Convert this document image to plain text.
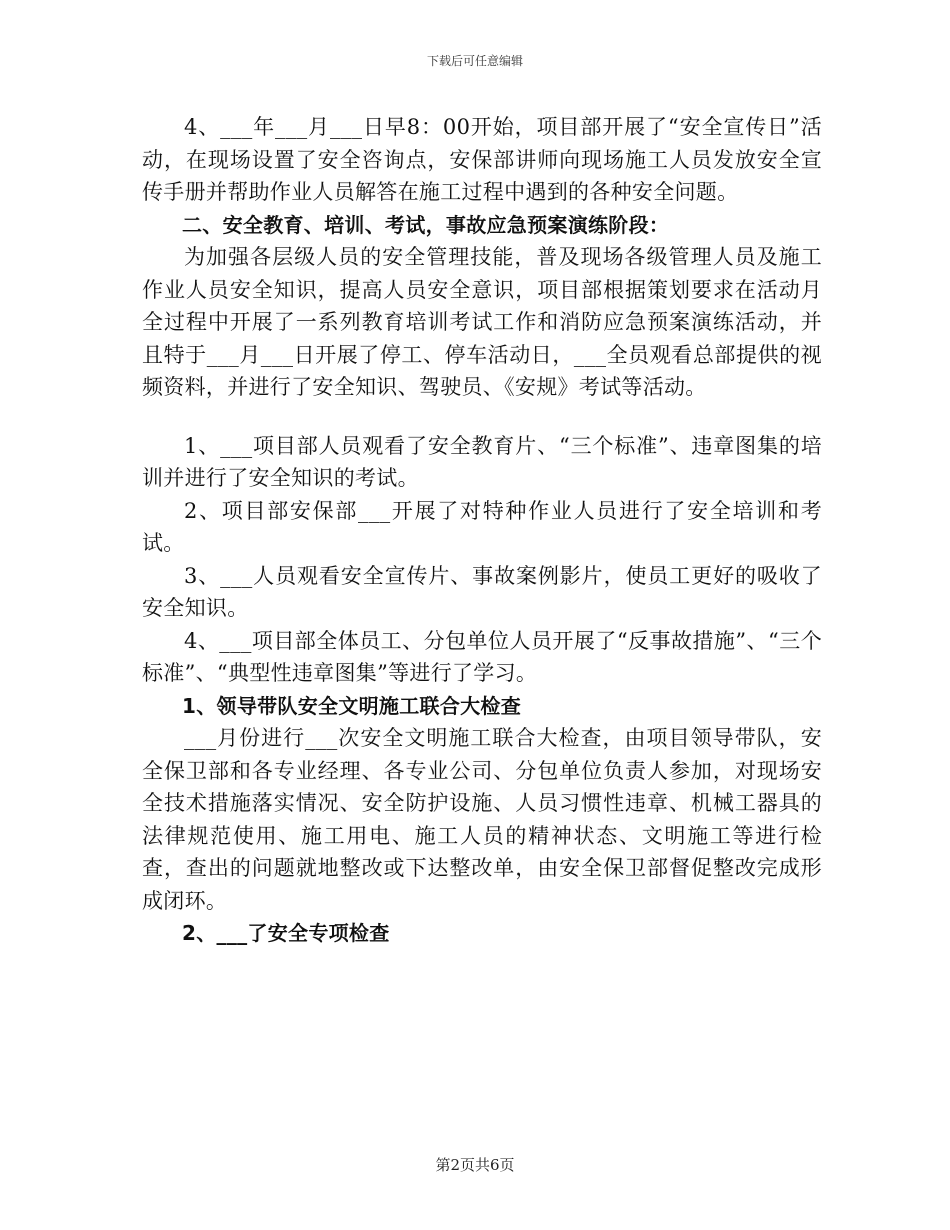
下载后可任意编辑

4、___年___月___日早8：00开始，项目部开展了“安全宣传日”活动，在现场设置了安全咨询点，安保部讲师向现场施工人员发放安全宣传手册并帮助作业人员解答在施工过程中遇到的各种安全问题。

二、安全教育、培训、考试，事故应急预案演练阶段：

为加强各层级人员的安全管理技能，普及现场各级管理人员及施工作业人员安全知识，提高人员安全意识，项目部根据策划要求在活动月全过程中开展了一系列教育培训考试工作和消防应急预案演练活动，并且特于___月___日开展了停工、停车活动日，___全员观看总部提供的视频资料，并进行了安全知识、驾驶员、《安规》考试等活动。

1、___项目部人员观看了安全教育片、“三个标准”、违章图集的培训并进行了安全知识的考试。

2、项目部安保部___开展了对特种作业人员进行了安全培训和考试。

3、___人员观看安全宣传片、事故案例影片，使员工更好的吸收了安全知识。

4、___项目部全体员工、分包单位人员开展了“反事故措施”、“三个标准”、“典型性违章图集”等进行了学习。

1、领导带队安全文明施工联合大检查

___月份进行___次安全文明施工联合大检查，由项目领导带队，安全保卫部和各专业经理、各专业公司、分包单位负责人参加，对现场安全技术措施落实情况、安全防护设施、人员习惯性违章、机械工器具的法律规范使用、施工用电、施工人员的精神状态、文明施工等进行检查，查出的问题就地整改或下达整改单，由安全保卫部督促整改完成形成闭环。

2、___了安全专项检查

第2页共6页
